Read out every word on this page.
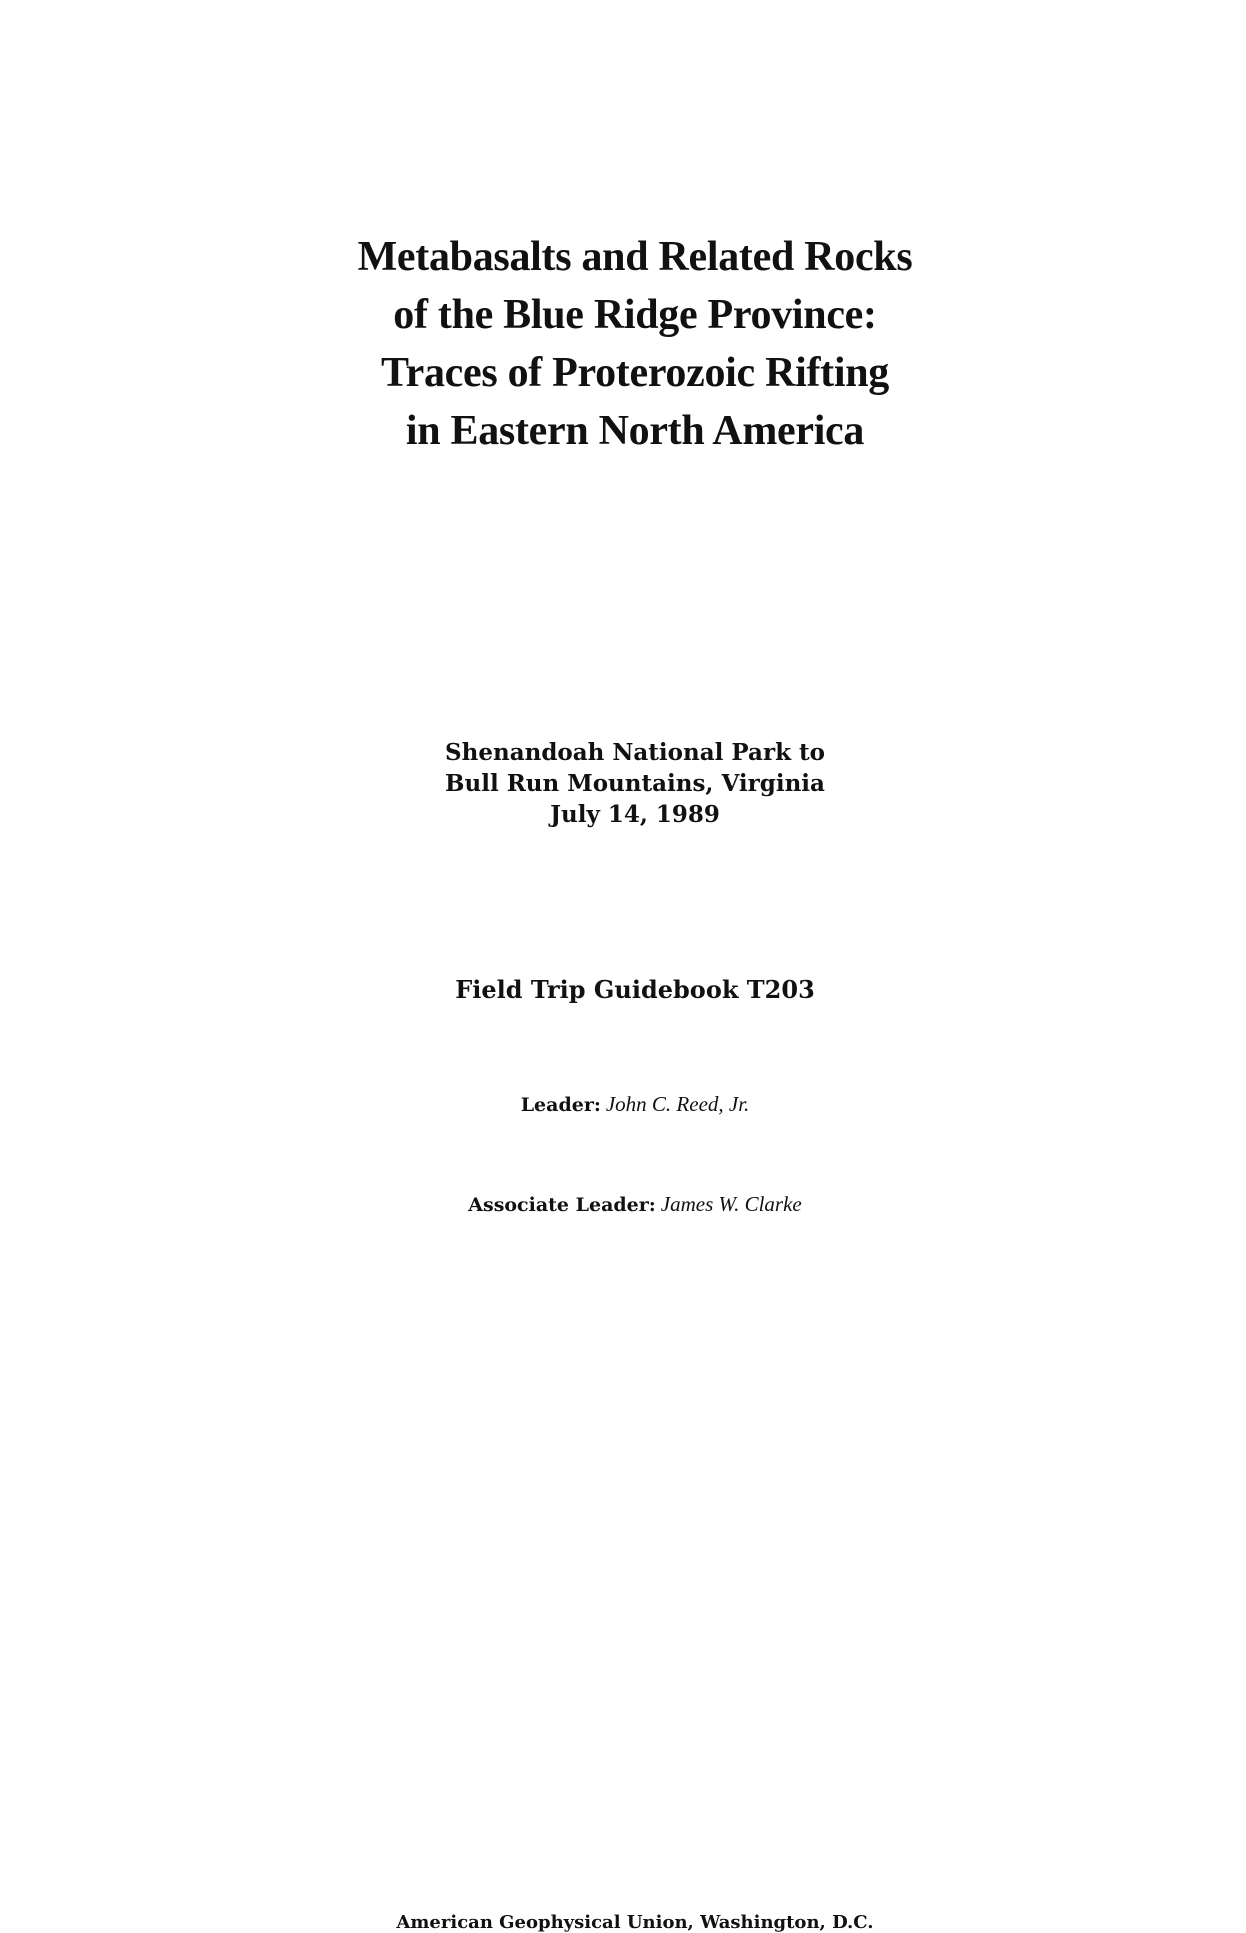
Metabasalts and Related Rocks
of the Blue Ridge Province:
Traces of Proterozoic Rifting
in Eastern North America
Shenandoah National Park to
Bull Run Mountains, Virginia
July 14, 1989
Field Trip Guidebook T203
Leader: John C. Reed, Jr.
Associate Leader: James W. Clarke
American Geophysical Union, Washington, D.C.
